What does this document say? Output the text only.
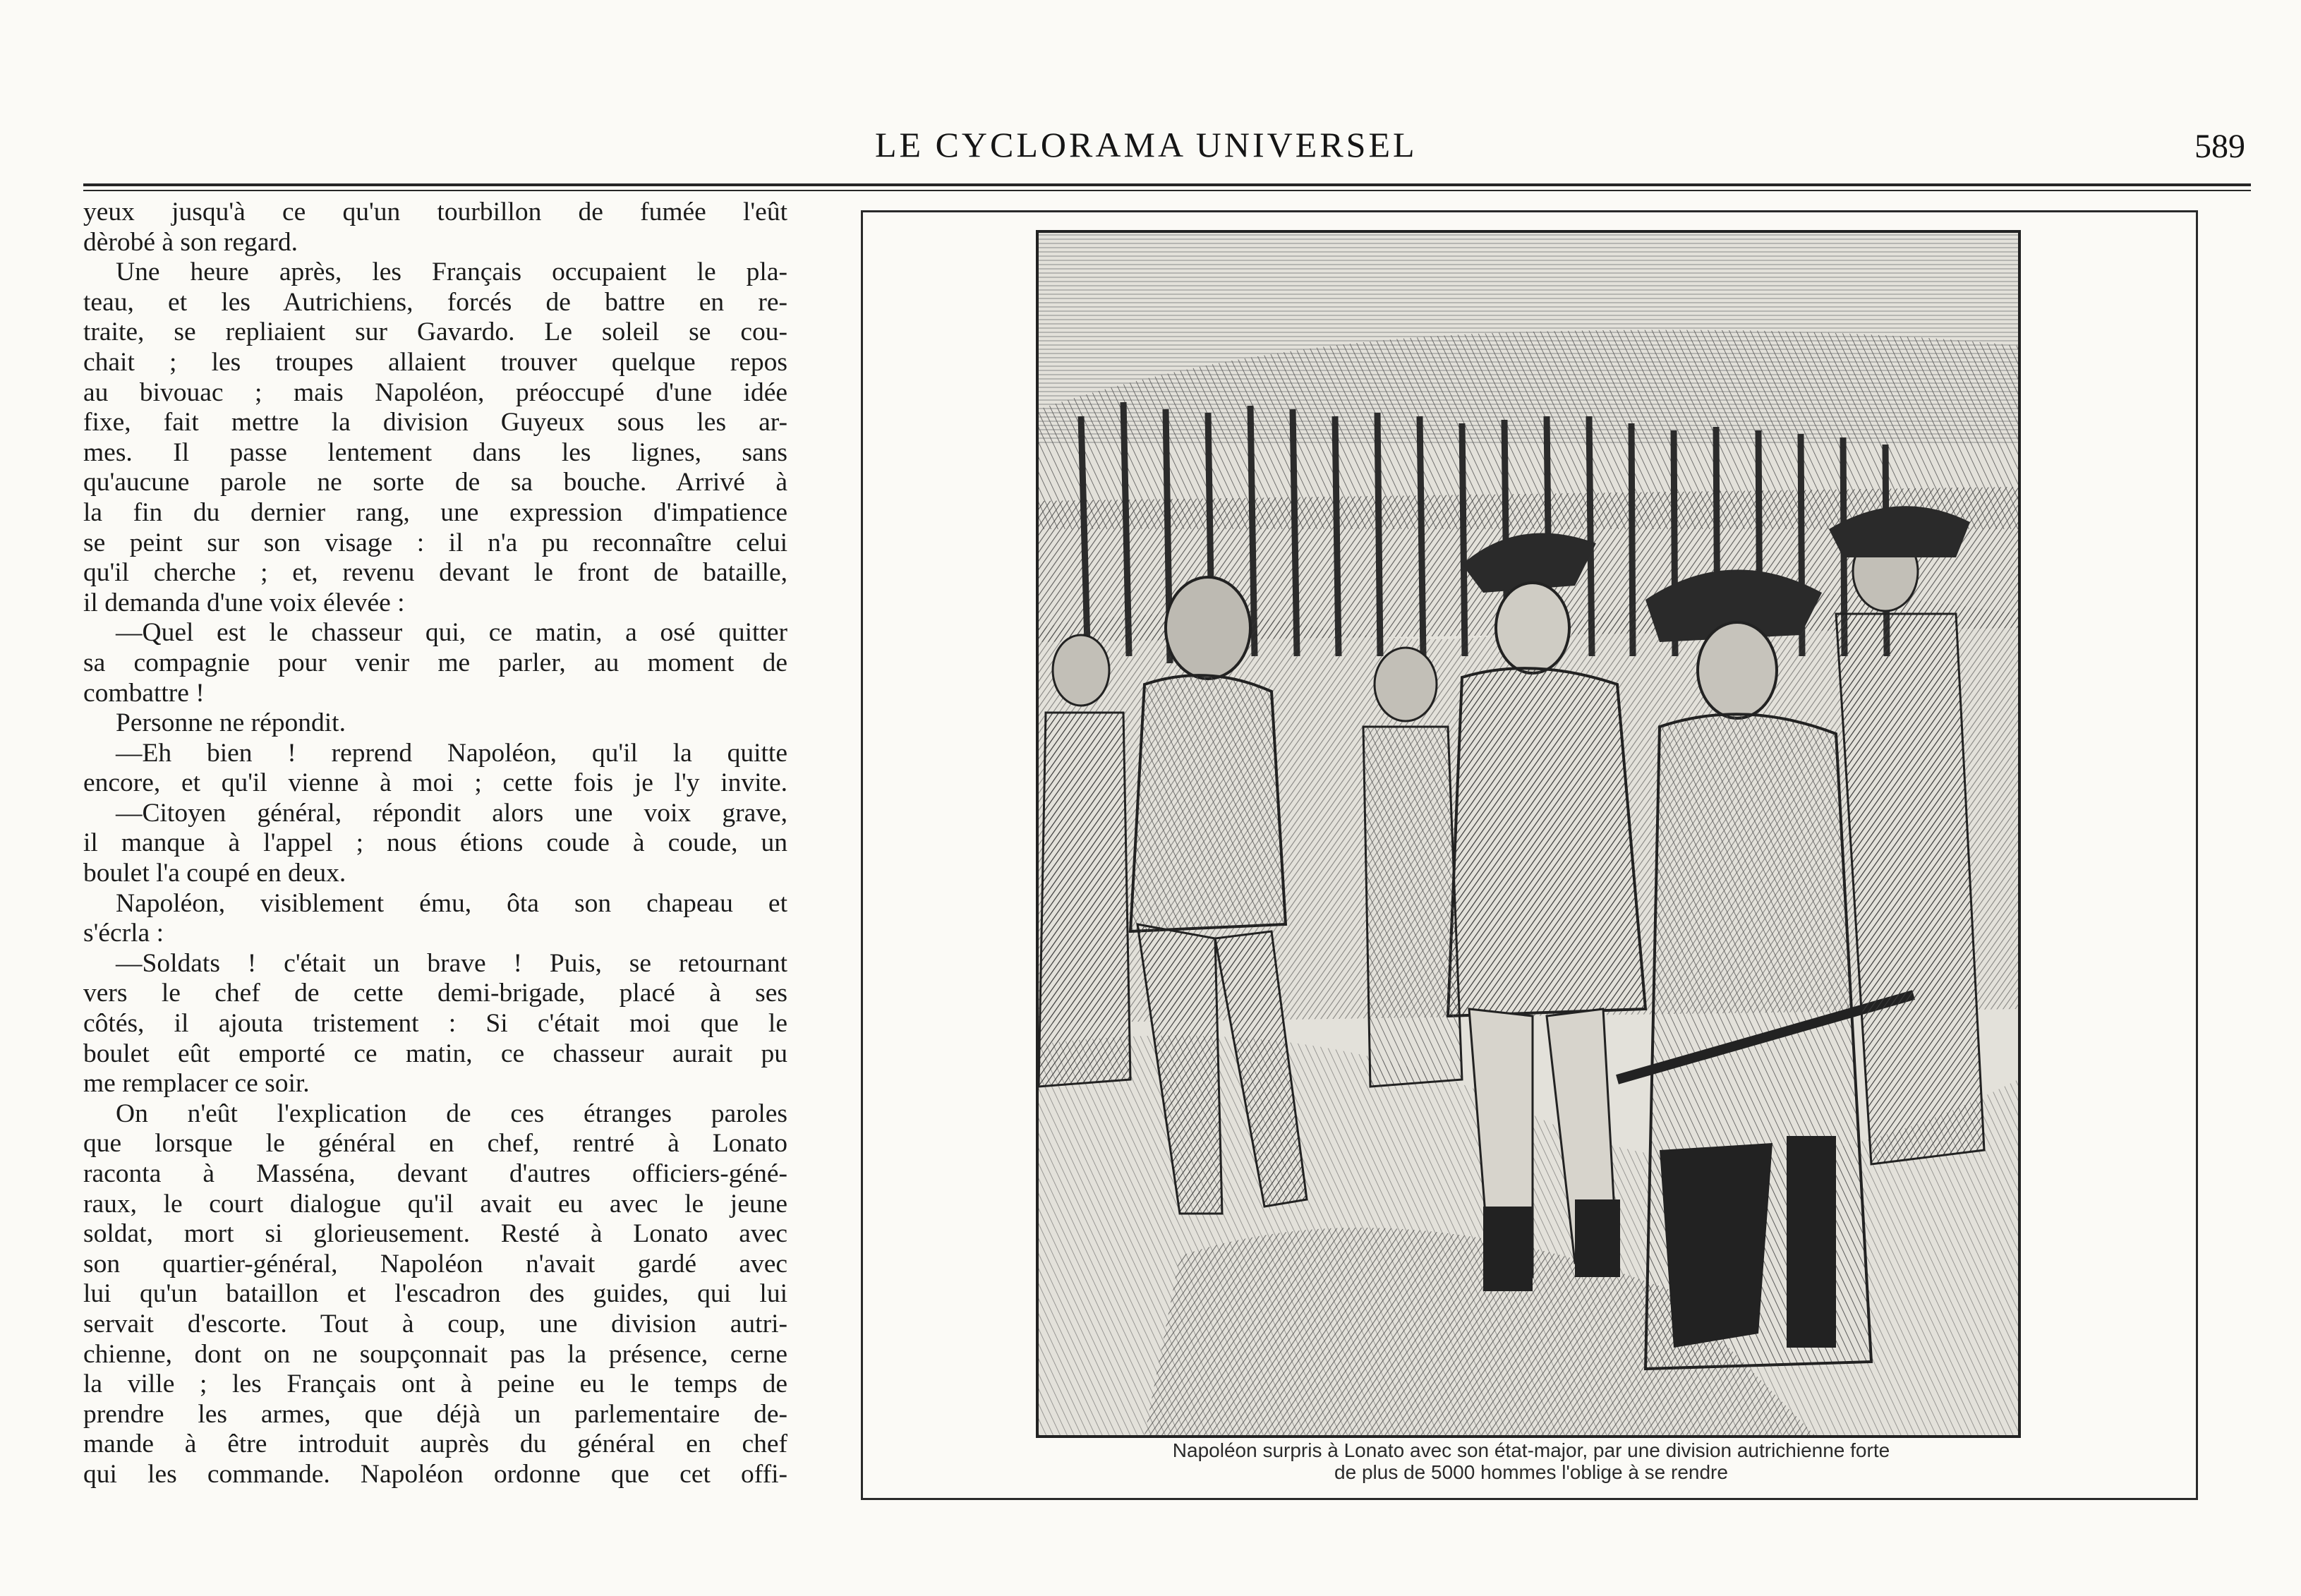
LE CYCLORAMA UNIVERSEL	589
yeux jusqu'à ce qu'un tourbillon de fumée l'eût
dèrobé à son regard.
Une heure après, les Français occupaient le pla-
teau, et les Autrichiens, forcés de battre en re-
traite, se repliaient sur Gavardo. Le soleil se cou-
chait ; les troupes allaient trouver quelque repos
au bivouac ; mais Napoléon, préoccupé d'une idée
fixe, fait mettre la division Guyeux sous les ar-
mes. Il passe lentement dans les lignes, sans
qu'aucune parole ne sorte de sa bouche. Arrivé à
la fin du dernier rang, une expression d'impatience
se peint sur son visage : il n'a pu reconnaître celui
qu'il cherche ; et, revenu devant le front de bataille,
il demanda d'une voix élevée :
—Quel est le chasseur qui, ce matin, a osé quitter
sa compagnie pour venir me parler, au moment de
combattre !
Personne ne répondit.
—Eh bien ! reprend Napoléon, qu'il la quitte
encore, et qu'il vienne à moi ; cette fois je l'y invite.
—Citoyen général, répondit alors une voix grave,
il manque à l'appel ; nous étions coude à coude, un
boulet l'a coupé en deux.
Napoléon, visiblement ému, ôta son chapeau et
s'écrla :
—Soldats ! c'était un brave ! Puis, se retournant
vers le chef de cette demi-brigade, placé à ses
côtés, il ajouta tristement : Si c'était moi que le
boulet eût emporté ce matin, ce chasseur aurait pu
me remplacer ce soir.
On n'eût l'explication de ces étranges paroles
que lorsque le général en chef, rentré à Lonato
raconta à Masséna, devant d'autres officiers-géné-
raux, le court dialogue qu'il avait eu avec le jeune
soldat, mort si glorieusement. Resté à Lonato avec
son quartier-général, Napoléon n'avait gardé avec
lui qu'un bataillon et l'escadron des guides, qui lui
servait d'escorte. Tout à coup, une division autri-
chienne, dont on ne soupçonnait pas la présence, cerne
la ville ; les Français ont à peine eu le temps de
prendre les armes, que déjà un parlementaire de-
mande à être introduit auprès du général en chef
qui les commande. Napoléon ordonne que cet offi-
Napoléon surpris à Lonato avec son état-major, par une division autrichienne forte
de plus de 5000 hommes l'oblige à se rendre
